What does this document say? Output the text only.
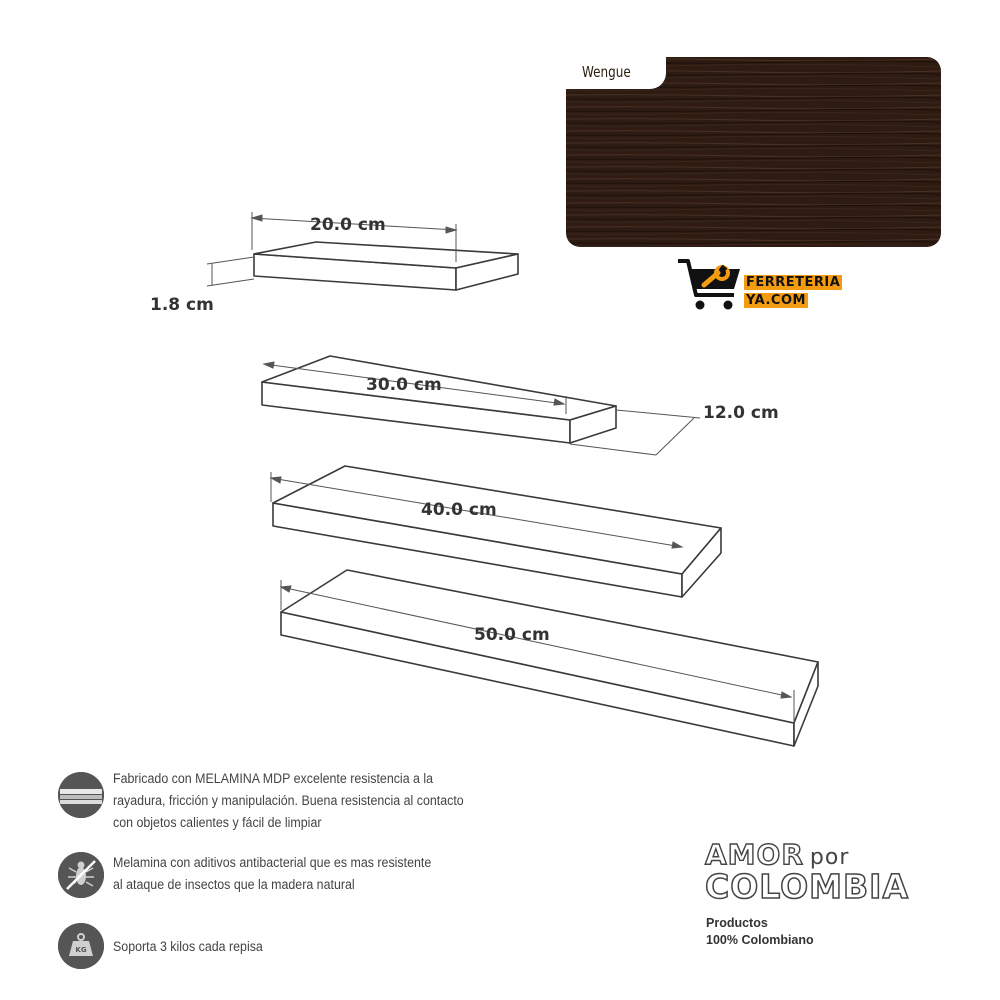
Wengue
FERRETERIA
YA.COM
20.0 cm
1.8 cm
30.0 cm
12.0 cm
40.0 cm
50.0 cm
Fabricado con MELAMINA MDP excelente resistencia a la
rayadura, fricción y manipulación. Buena resistencia al contacto
con objetos calientes y fácil de limpiar
Melamina con aditivos antibacterial que es mas resistente
al ataque de insectos que la madera natural
KG Soporta 3 kilos cada repisa
AMOR por
COLOMBIA
Productos
100% Colombiano
